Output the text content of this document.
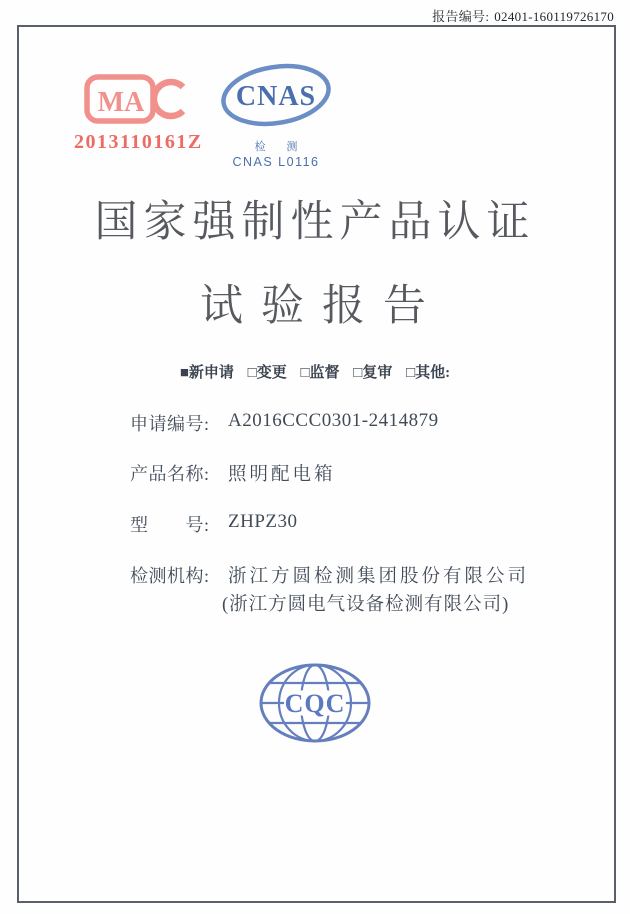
报告编号: 02401-160119726170
MA
2013110161Z
CNAS
检 测
CNAS L0116
国家强制性产品认证
试验报告
■新申请 □变更 □监督 □复审 □其他:
申请编号: A2016CCC0301-2414879
产品名称: 照明配电箱
型　　号: ZHPZ30
检测机构: 浙江方圆检测集团股份有限公司
(浙江方圆电气设备检测有限公司)
CQC
